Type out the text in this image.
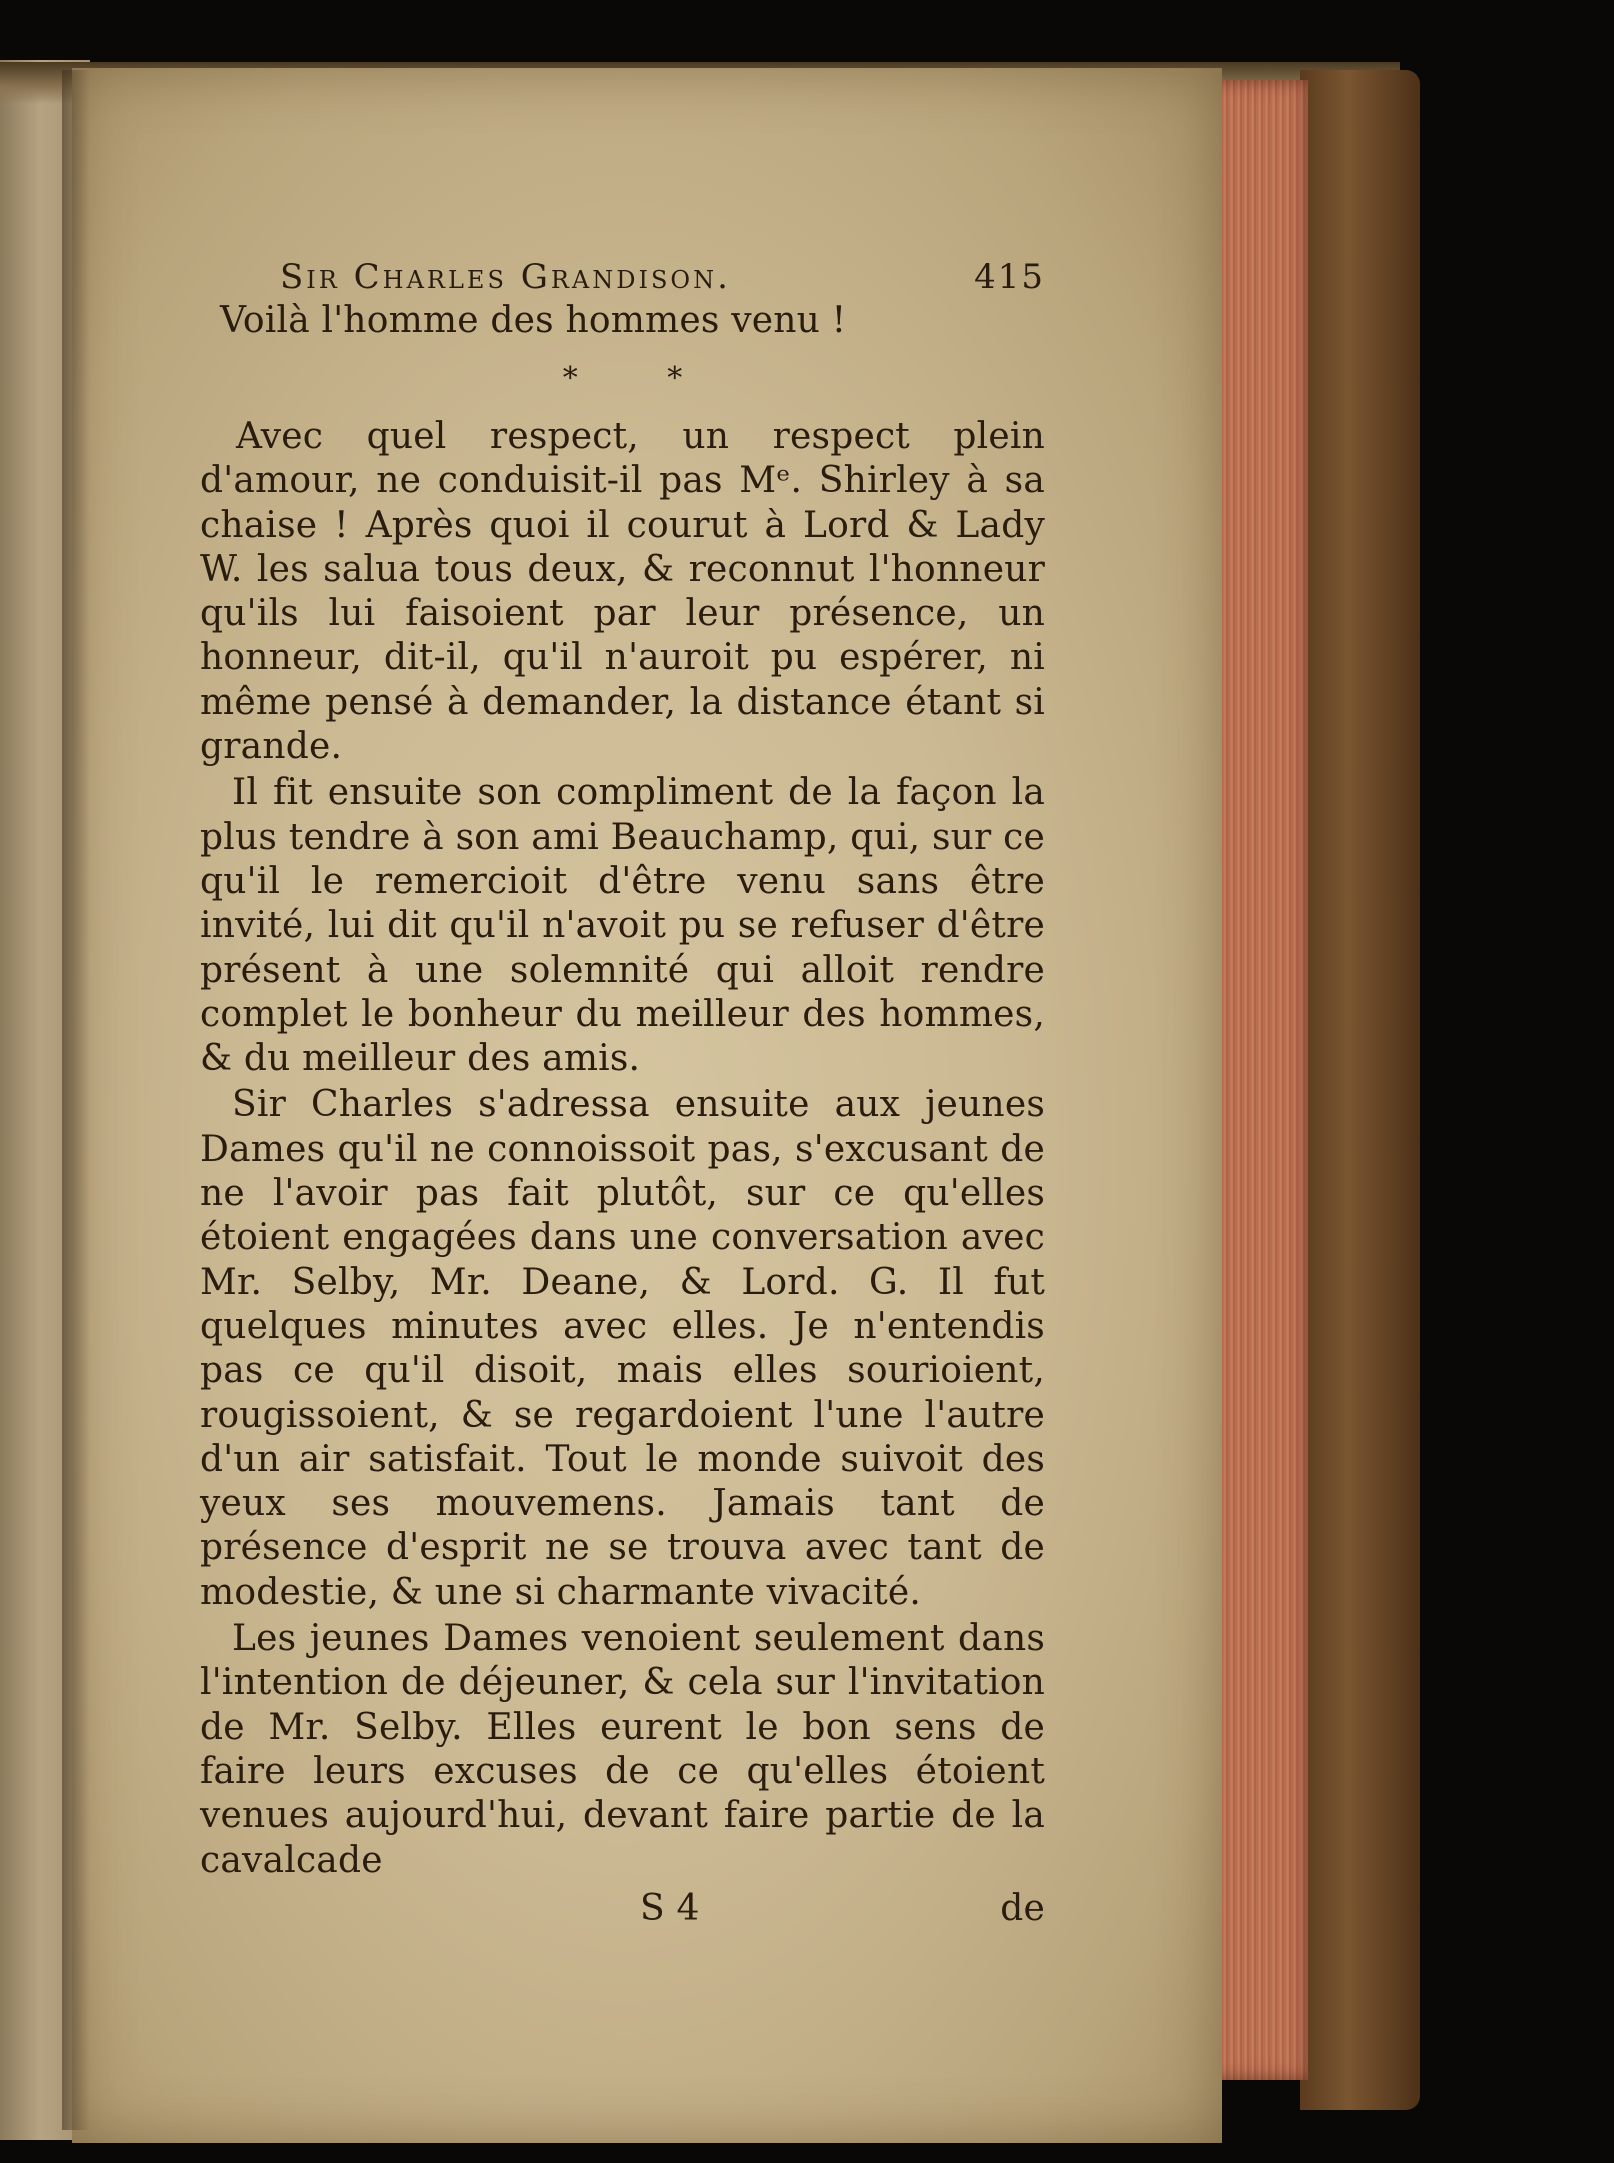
Sir Charles Grandison.	415
Voilà l'homme des hommes venu !
* *

Avec quel respect, un respect plein d'amour, ne conduisit-il pas Mᵉ. Shirley à sa chaise ! Après quoi il courut à Lord & Lady W. les salua tous deux, & reconnut l'honneur qu'ils lui faisoient par leur présence, un honneur, dit-il, qu'il n'auroit pu espérer, ni même pensé à demander, la distance étant si grande.

Il fit ensuite son compliment de la façon la plus tendre à son ami Beauchamp, qui, sur ce qu'il le remercioit d'être venu sans être invité, lui dit qu'il n'avoit pu se refuser d'être présent à une solemnité qui alloit rendre complet le bonheur du meilleur des hommes, & du meilleur des amis.

Sir Charles s'adressa ensuite aux jeunes Dames qu'il ne connoissoit pas, s'excusant de ne l'avoir pas fait plutôt, sur ce qu'elles étoient engagées dans une conversation avec Mr. Selby, Mr. Deane, & Lord. G. Il fut quelques minutes avec elles. Je n'entendis pas ce qu'il disoit, mais elles sourioient, rougissoient, & se regardoient l'une l'autre d'un air satisfait. Tout le monde suivoit des yeux ses mouvemens. Jamais tant de présence d'esprit ne se trouva avec tant de modestie, & une si charmante vivacité.

Les jeunes Dames venoient seulement dans l'intention de déjeuner, & cela sur l'invitation de Mr. Selby. Elles eurent le bon sens de faire leurs excuses de ce qu'elles étoient venues aujourd'hui, devant faire partie de la cavalcade

S 4	de
